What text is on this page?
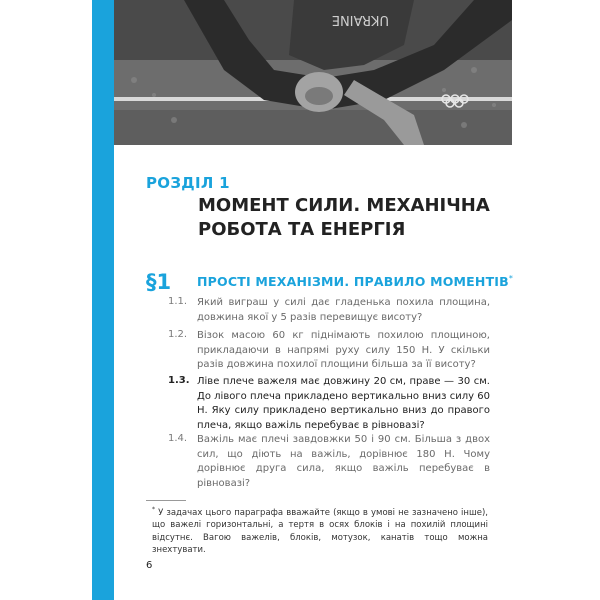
UKRAINE
РОЗДІЛ 1
МОМЕНТ СИЛИ. МЕХАНІЧНА
РОБОТА ТА ЕНЕРГІЯ
§1 ПРОСТІ МЕХАНІЗМИ. ПРАВИЛО МОМЕНТІВ*
1.1. Який виграш у силі дає гладенька похила площина, довжина якої у 5 разів перевищує висоту?
1.2. Візок масою 60 кг піднімають похилою площиною, прикладаючи в напрямі руху силу 150 Н. У скільки разів довжина похилої площини більша за її висоту?
1.3. Ліве плече важеля має довжину 20 см, праве — 30 см. До лівого плеча прикладено вертикально вниз силу 60 Н. Яку силу прикладено вертикально вниз до правого плеча, якщо важіль перебуває в рівновазі?
1.4. Важіль має плечі завдовжки 50 і 90 см. Більша з двох сил, що діють на важіль, дорівнює 180 Н. Чому дорівнює друга сила, якщо важіль перебуває в рівновазі?
* У задачах цього параграфа вважайте (якщо в умові не зазначено інше), що важелі горизонтальні, а тертя в осях блоків і на похилій площині відсутнє. Вагою важелів, блоків, мотузок, канатів тощо можна знехтувати.
6
